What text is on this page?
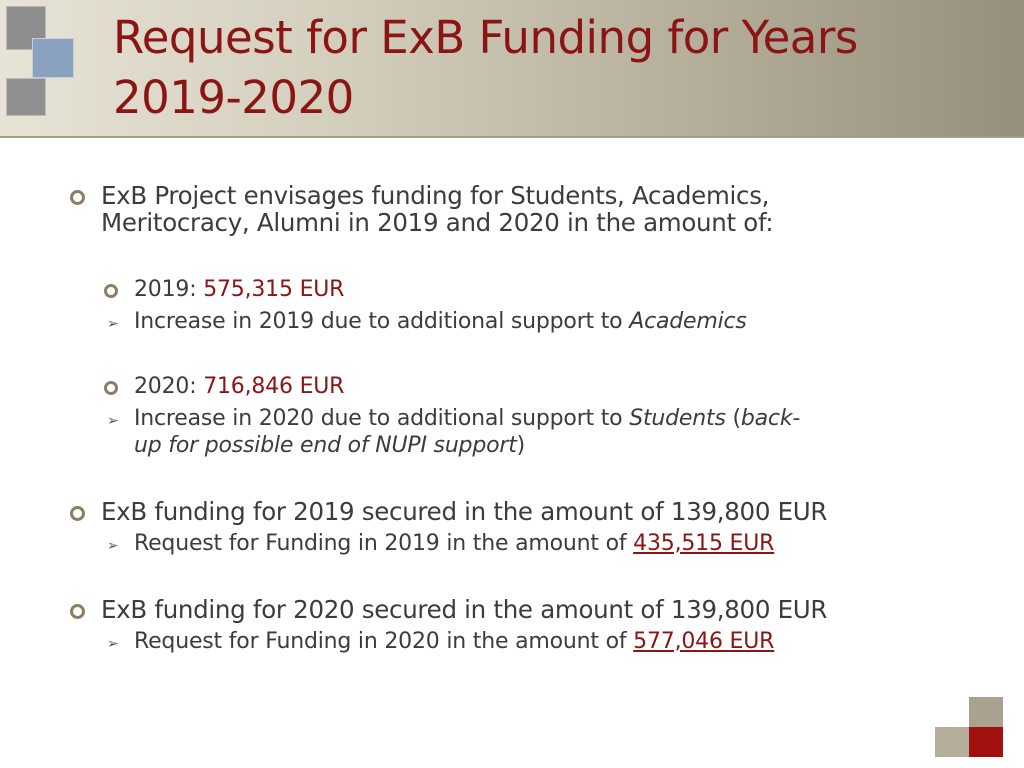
Request for ExB Funding for Years
2019-2020
ExB Project envisages funding for Students, Academics,
Meritocracy, Alumni in 2019 and 2020 in the amount of:
2019: 575,315 EUR
➢ Increase in 2019 due to additional support to Academics
2020: 716,846 EUR
➢ Increase in 2020 due to additional support to Students (back-
up for possible end of NUPI support)
ExB funding for 2019 secured in the amount of 139,800 EUR
➢ Request for Funding in 2019 in the amount of 435,515 EUR
ExB funding for 2020 secured in the amount of 139,800 EUR
➢ Request for Funding in 2020 in the amount of 577,046 EUR
